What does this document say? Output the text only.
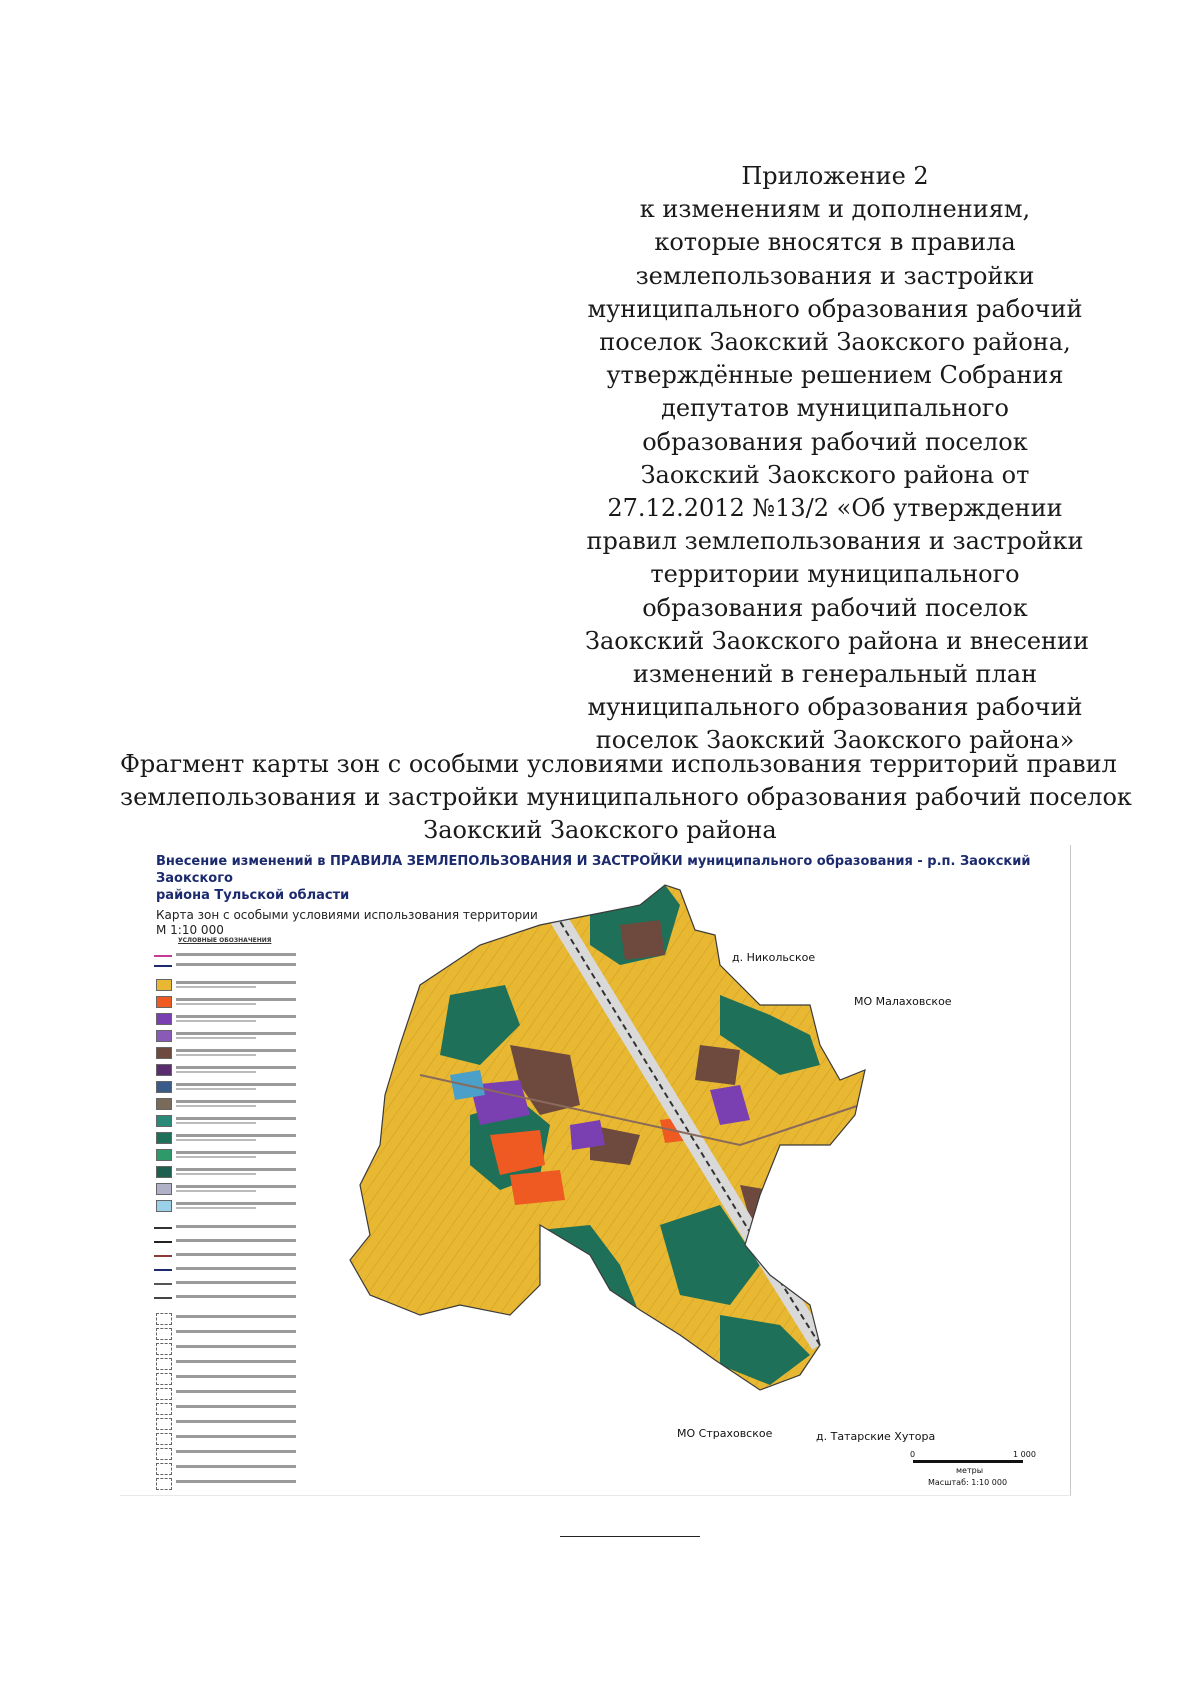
Приложение 2
к изменениям и дополнениям,
которые вносятся в правила
землепользования и застройки
муниципального образования рабочий
поселок Заокский Заокского района,
утверждённые решением Собрания
депутатов муниципального
образования рабочий поселок
Заокский Заокского района от
27.12.2012 №13/2 «Об утверждении
правил землепользования и застройки
территории муниципального
образования рабочий поселок
Заокский Заокского района и внесении
изменений в генеральный план
муниципального образования рабочий
поселок Заокский Заокского района»
Фрагмент карты зон с особыми условиями использования территорий правил
землепользования и застройки муниципального образования рабочий поселок
Заокский Заокского района
Внесение изменений в ПРАВИЛА ЗЕМЛЕПОЛЬЗОВАНИЯ И ЗАСТРОЙКИ муниципального образования - р.п. Заокский Заокского
района Тульской области
Карта зон с особыми условиями использования территории
М 1:10 000
УСЛОВНЫЕ ОБОЗНАЧЕНИЯ
д. Никольское
МО Малаховское
МО Страховское	д. Татарские Хутора
0	1 000
метры
Масштаб: 1:10 000
